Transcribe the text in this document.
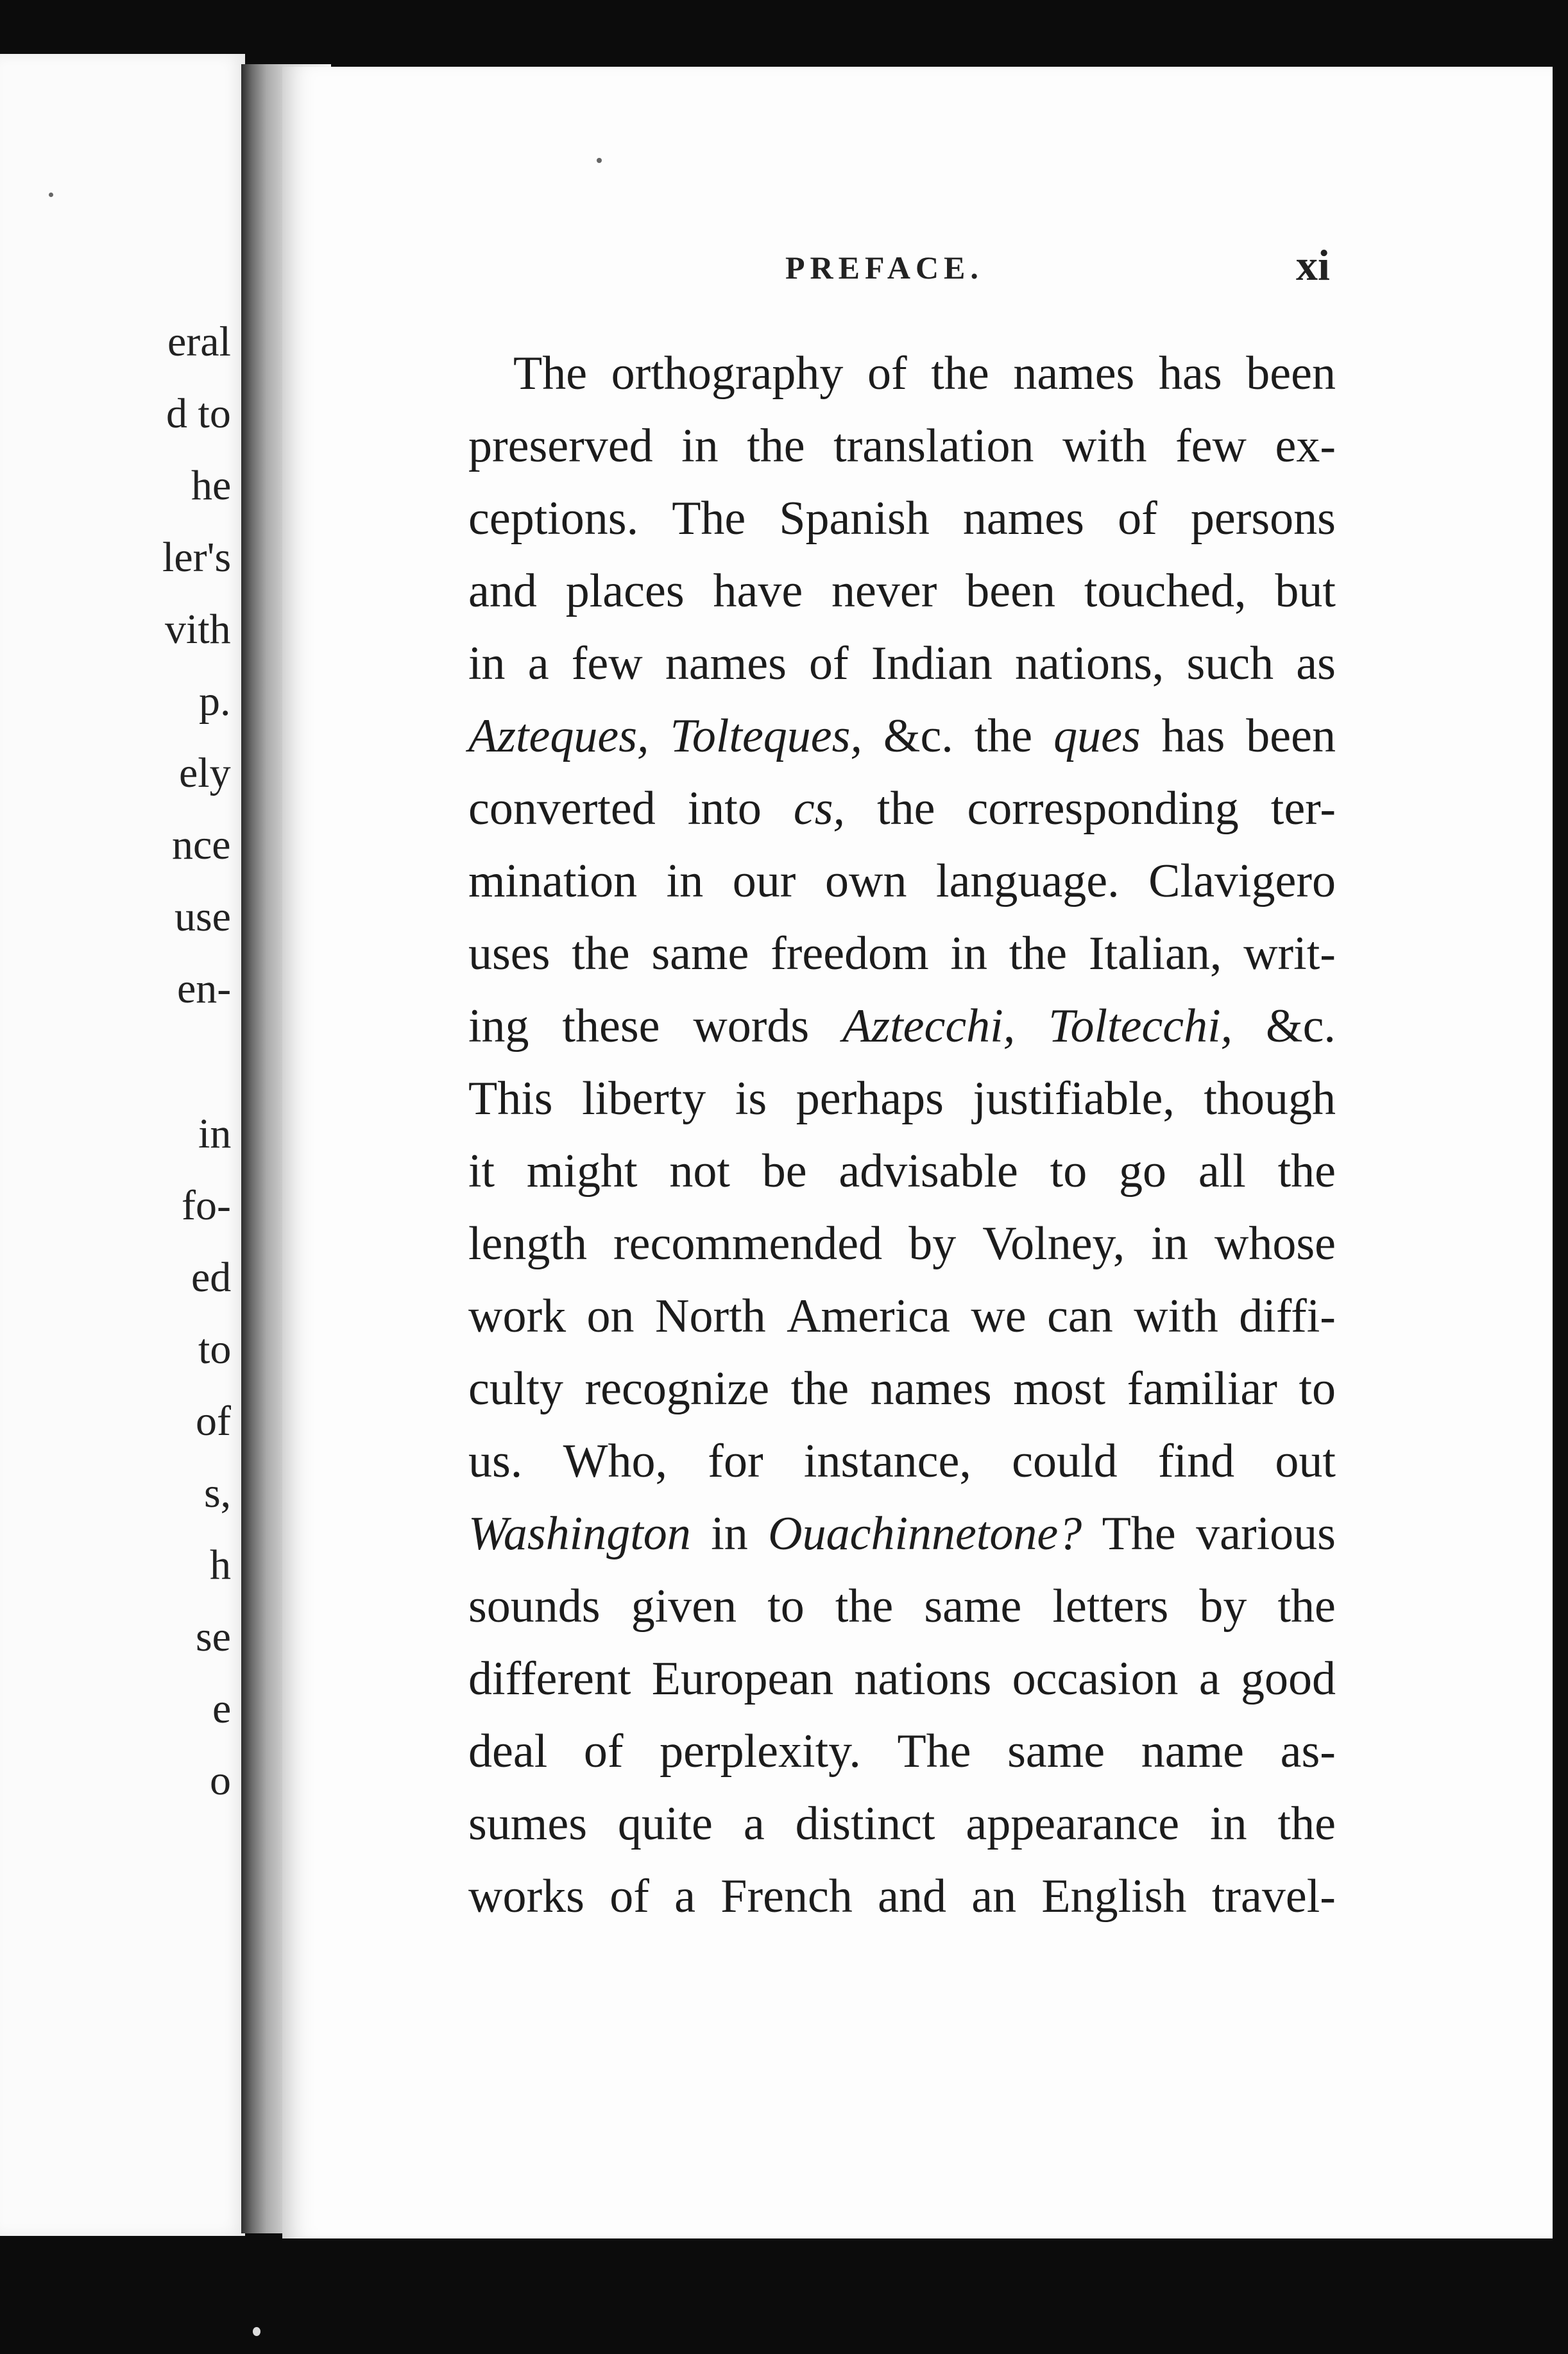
eral
d to
he
ler's
vith
p.
ely
nce
use
en-
in
fo-
ed
to
of
s,
h
se
e
o
PREFACE.	xi
The orthography of the names has been
preserved in the translation with few ex-
ceptions. The Spanish names of persons
and places have never been touched, but
in a few names of Indian nations, such as
Azteques, Tolteques, &c. the ques has been
converted into cs, the corresponding ter-
mination in our own language. Clavigero
uses the same freedom in the Italian, writ-
ing these words Aztecchi, Toltecchi, &c.
This liberty is perhaps justifiable, though
it might not be advisable to go all the
length recommended by Volney, in whose
work on North America we can with diffi-
culty recognize the names most familiar to
us. Who, for instance, could find out
Washington in Ouachinnetone? The various
sounds given to the same letters by the
different European nations occasion a good
deal of perplexity. The same name as-
sumes quite a distinct appearance in the
works of a French and an English travel-
